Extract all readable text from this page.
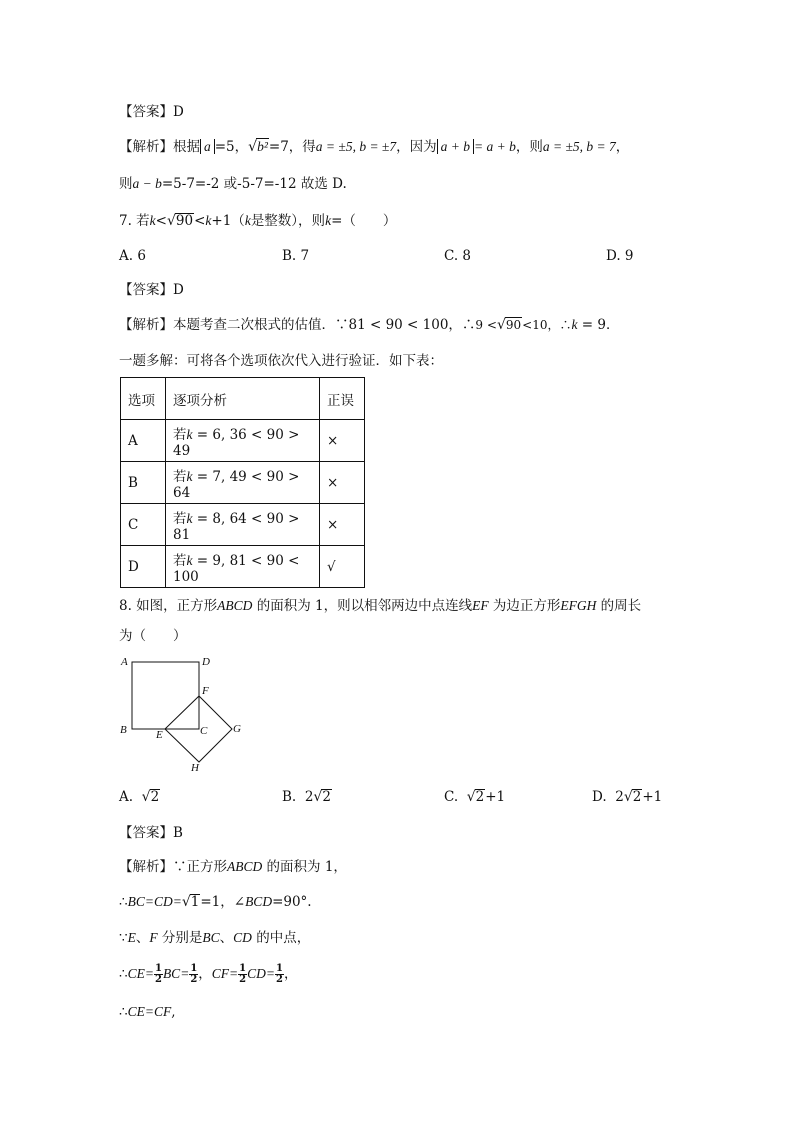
【答案】D
【解析】根据 a =5，√b²=7，得a = ±5, b = ±7，因为 a + b = a + b，则a = ±5, b = 7，
则a − b=5-7=-2 或-5-7=-12 故选 D.
7. 若k<√90<k+1（k是整数），则k=（　　）
A. 6	B. 7	C. 8	D. 9
【答案】D
【解析】本题考查二次根式的估值．∵81 < 90 < 100，∴9 <√90<10，∴k = 9．
一题多解：可将各个选项依次代入进行验证．如下表：
选项	逐项分析	正误
A	若k = 6, 36 < 90 > 49	×
B	若k = 7, 49 < 90 > 64	×
C	若k = 8, 64 < 90 > 81	×
D	若k = 9, 81 < 90 < 100	√
8. 如图，正方形ABCD 的面积为 1，则以相邻两边中点连线EF 为边正方形EFGH 的周长
为（　　）
A	D
F
B	C
E	G
H
A. √2	B. 2√2	C. √2+1	D. 2√2+1
【答案】B
【解析】∵正方形ABCD 的面积为 1，
∴BC=CD=√1=1，∠BCD=90°.
∵E、F 分别是BC、CD 的中点，
∴CE= $\frac{1}{2} BC= \frac{1}{2}$ ，$CF= \frac{1}{2} CD= \frac{1}{2}$ ，
∴CE=CF,
